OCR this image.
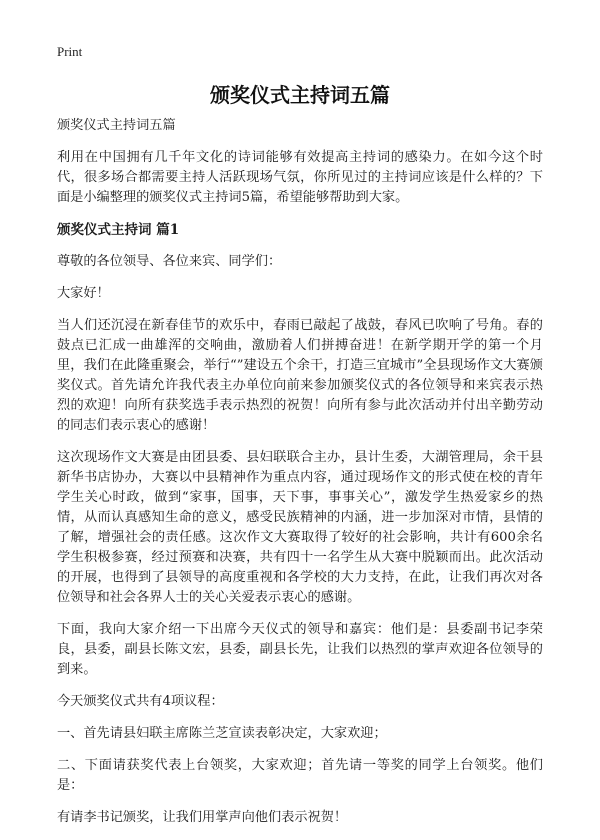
Print
颁奖仪式主持词五篇

颁奖仪式主持词五篇

利用在中国拥有几千年文化的诗词能够有效提高主持词的感染力。在如今这个时代，很多场合都需要主持人活跃现场气氛，你所见过的主持词应该是什么样的？下面是小编整理的颁奖仪式主持词5篇，希望能够帮助到大家。

颁奖仪式主持词 篇1

尊敬的各位领导、各位来宾、同学们：

大家好！

当人们还沉浸在新春佳节的欢乐中，春雨已敲起了战鼓，春风已吹响了号角。春的鼓点已汇成一曲雄浑的交响曲，激励着人们拼搏奋进！在新学期开学的第一个月里，我们在此隆重聚会，举行“”建设五个余干，打造三宜城市”全县现场作文大赛颁奖仪式。首先请允许我代表主办单位向前来参加颁奖仪式的各位领导和来宾表示热烈的欢迎！向所有获奖选手表示热烈的祝贺！向所有参与此次活动并付出辛勤劳动的同志们表示衷心的感谢！

这次现场作文大赛是由团县委、县妇联联合主办，县计生委，大湖管理局，余干县新华书店协办，大赛以中县精神作为重点内容，通过现场作文的形式使在校的青年学生关心时政，做到“家事，国事，天下事，事事关心”，激发学生热爱家乡的热情，从而认真感知生命的意义，感受民族精神的内涵，进一步加深对市情，县情的了解，增强社会的责任感。这次作文大赛取得了较好的社会影响，共计有600余名学生积极参赛，经过预赛和决赛，共有四十一名学生从大赛中脱颖而出。此次活动的开展，也得到了县领导的高度重视和各学校的大力支持，在此，让我们再次对各位领导和社会各界人士的关心关爱表示衷心的感谢。

下面，我向大家介绍一下出席今天仪式的领导和嘉宾：他们是：县委副书记李荣良，县委，副县长陈文宏，县委，副县长先，让我们以热烈的掌声欢迎各位领导的到来。

今天颁奖仪式共有4项议程：

一、首先请县妇联主席陈兰芝宣读表彰决定，大家欢迎；

二、下面请获奖代表上台领奖，大家欢迎；首先请一等奖的同学上台领奖。他们是：

有请李书记颁奖，让我们用掌声向他们表示祝贺！
